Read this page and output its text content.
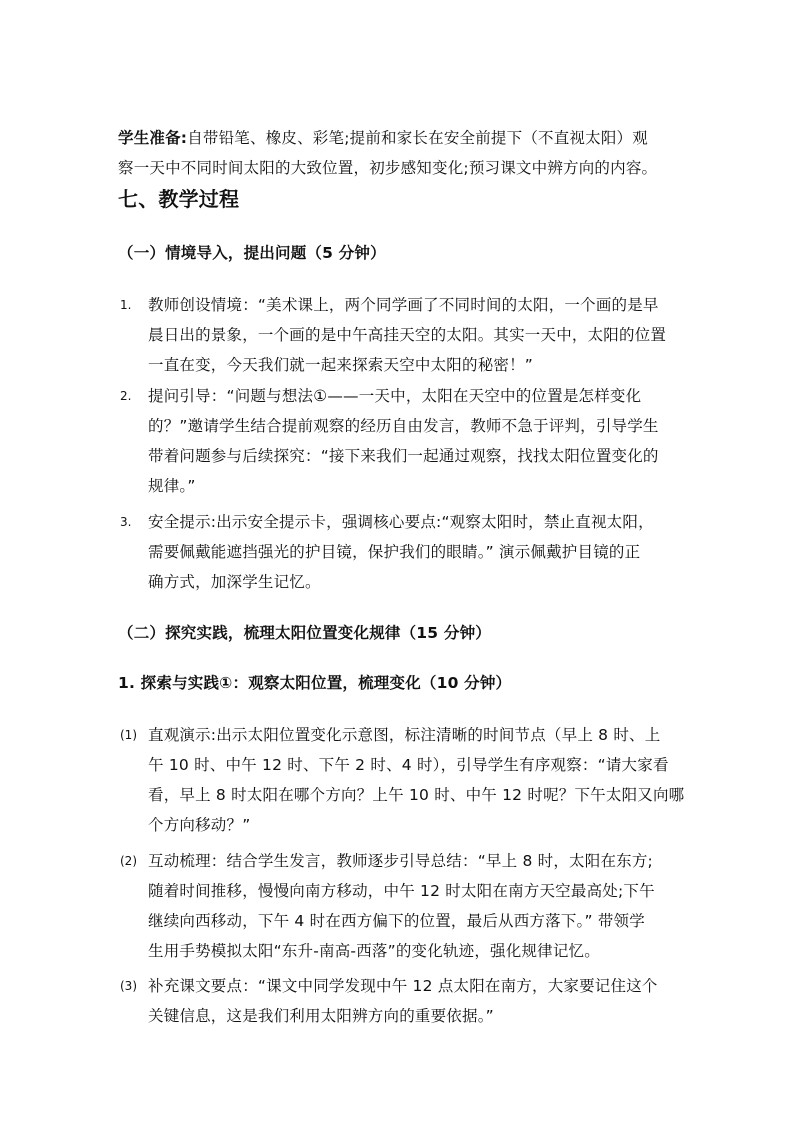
学生准备:自带铅笔、橡皮、彩笔;提前和家长在安全前提下（不直视太阳）观
察一天中不同时间太阳的大致位置，初步感知变化;预习课文中辨方向的内容。
七、教学过程
（一）情境导入，提出问题（5 分钟）
1. 教师创设情境：“美术课上，两个同学画了不同时间的太阳，一个画的是早
晨日出的景象，一个画的是中午高挂天空的太阳。其实一天中，太阳的位置
一直在变，今天我们就一起来探索天空中太阳的秘密！”
2. 提问引导：“问题与想法①——一天中，太阳在天空中的位置是怎样变化
的？”邀请学生结合提前观察的经历自由发言，教师不急于评判，引导学生
带着问题参与后续探究：“接下来我们一起通过观察，找找太阳位置变化的
规律。”
3. 安全提示:出示安全提示卡，强调核心要点:“观察太阳时，禁止直视太阳，
需要佩戴能遮挡强光的护目镜，保护我们的眼睛。” 演示佩戴护目镜的正
确方式，加深学生记忆。
（二）探究实践，梳理太阳位置变化规律（15 分钟）
1. 探索与实践①：观察太阳位置，梳理变化（10 分钟）
(1) 直观演示:出示太阳位置变化示意图，标注清晰的时间节点（早上 8 时、上
午 10 时、中午 12 时、下午 2 时、4 时），引导学生有序观察：“请大家看
看，早上 8 时太阳在哪个方向？上午 10 时、中午 12 时呢？下午太阳又向哪
个方向移动？”
(2) 互动梳理：结合学生发言，教师逐步引导总结：“早上 8 时，太阳在东方;
随着时间推移，慢慢向南方移动，中午 12 时太阳在南方天空最高处;下午
继续向西移动，下午 4 时在西方偏下的位置，最后从西方落下。” 带领学
生用手势模拟太阳“东升-南高-西落”的变化轨迹，强化规律记忆。
(3) 补充课文要点：“课文中同学发现中午 12 点太阳在南方，大家要记住这个
关键信息，这是我们利用太阳辨方向的重要依据。”
